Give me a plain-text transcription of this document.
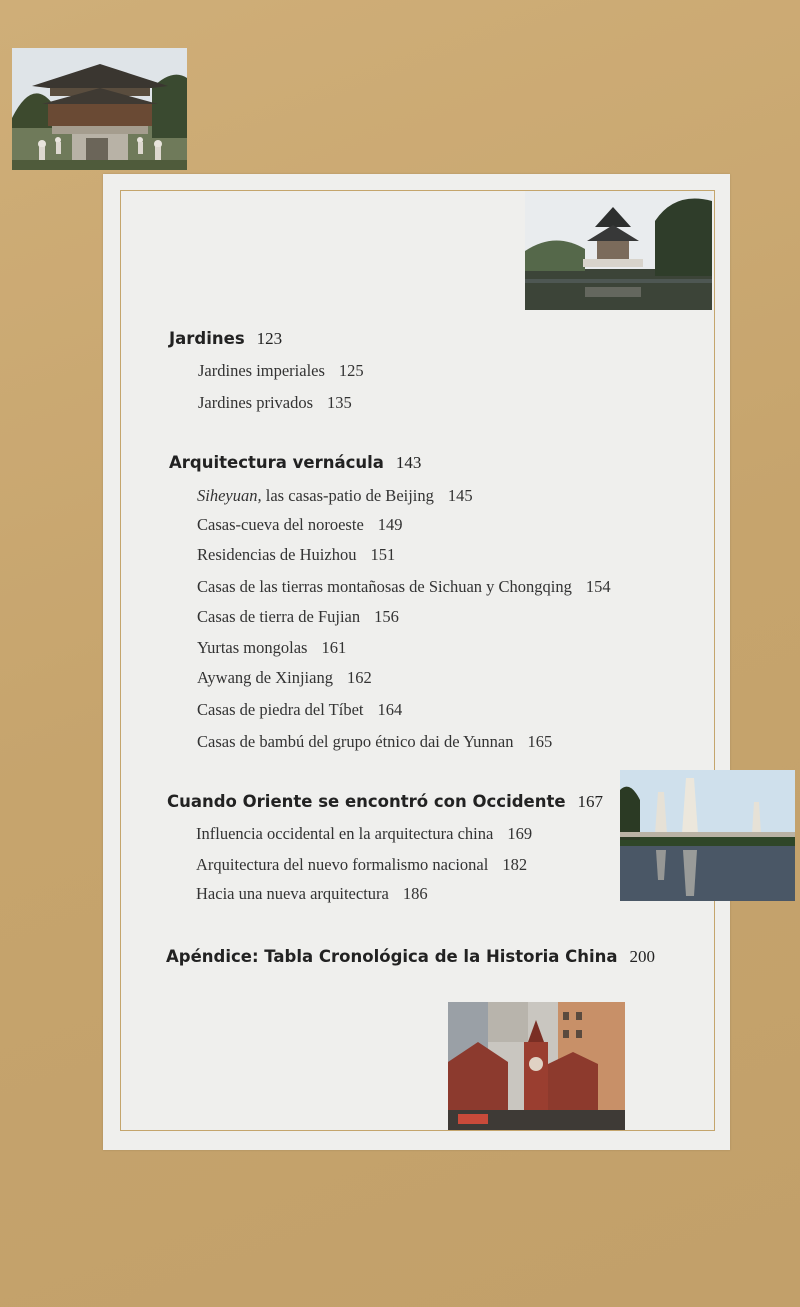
Jardines 123
Jardines imperiales 125
Jardines privados 135
Arquitectura vernácula 143
Siheyuan, las casas-patio de Beijing 145
Casas-cueva del noroeste 149
Residencias de Huizhou 151
Casas de las tierras montañosas de Sichuan y Chongqing 154
Casas de tierra de Fujian 156
Yurtas mongolas 161
Aywang de Xinjiang 162
Casas de piedra del Tíbet 164
Casas de bambú del grupo étnico dai de Yunnan 165
Cuando Oriente se encontró con Occidente 167
Influencia occidental en la arquitectura china 169
Arquitectura del nuevo formalismo nacional 182
Hacia una nueva arquitectura 186
Apéndice: Tabla Cronológica de la Historia China 200
